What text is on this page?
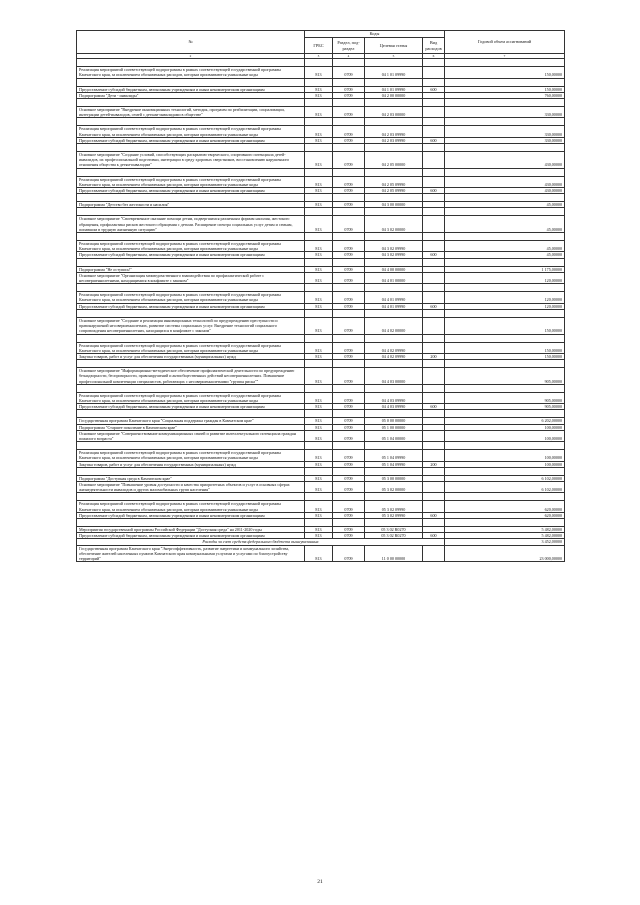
№	Коды				Годовой объем ассигнований
	ГРБС	Раздел, под-раздел	Целевая статья	Вид расходов	
2	3	4	5	6	7

Реализация мероприятий соответствующей подпрограммы в рамках соответствующей государственной программы Камчатского края, за исключением обозначенных расходов, которым присваиваются уникальные коды	813	0709	04 1 01 09990		150,00000

Предоставление субсидий бюджетным, автономным учреждениям и иным некоммерческим организациям	813	0709	04 1 01 09990	600	150,00000
Подпрограмма "Дети - инвалиды"	813	0709	04 2 00 00000		760,00000

Основное мероприятие "Внедрение инновационных технологий, методик, программ по реабилитации, социализации, интеграции детей-инвалидов, семей с детьми-инвалидами в обществе"	813	0709	04 2 03 00000		330,00000

Реализация мероприятий соответствующей подпрограммы в рамках соответствующей государственной программы Камчатского края, за исключением обозначенных расходов, которым присваиваются уникальные коды	813	0709	04 2 03 09990		330,00000
Предоставление субсидий бюджетным, автономным учреждениям и иным некоммерческим организациям	813	0709	04 2 03 09990	600	330,00000

Основное мероприятие "Создание условий, способствующих раскрытию творческого, спортивного потенциала детей-инвалидов, их профессиональной подготовки, интеграции в среду здоровых сверстников, восстановлению нарушенного отношения общества к детям-инвалидам"	813	0709	04 2 05 00000		430,00000

Реализация мероприятий соответствующей подпрограммы в рамках соответствующей государственной программы Камчатского края, за исключением обозначенных расходов, которым присваиваются уникальные коды	813	0709	04 2 05 09990		430,00000
Предоставление субсидий бюджетным, автономным учреждениям и иным некоммерческим организациям	813	0709	04 2 05 09990	600	430,00000

Подпрограмма "Детство без жестокости и насилия"	813	0709	04 3 00 00000		45,00000

Основное мероприятие "Своевременное оказание помощи детям, подвергшимся различным формам насилия, жестокого обращения, профилактика рисков жестокого обращения с детьми. Расширение спектра социальных услуг детям и семьям, попавшим в трудную жизненную ситуацию"	813	0709	04 3 02 00000		45,00000

Реализация мероприятий соответствующей подпрограммы в рамках соответствующей государственной программы Камчатского края, за исключением обозначенных расходов, которым присваиваются уникальные коды	813	0709	04 3 02 09990		45,00000
Предоставление субсидий бюджетным, автономным учреждениям и иным некоммерческим организациям	813	0709	04 3 02 09990	600	45,00000

Подпрограмма "Не оступись!"	813	0709	04 4 00 00000		1 175,00000
Основное мероприятие "Организация межведомственного взаимодействия по профилактической работе с несовершеннолетними, находящимися в конфликте с законом"	813	0709	04 4 01 00000		120,00000

Реализация мероприятий соответствующей подпрограммы в рамках соответствующей государственной программы Камчатского края, за исключением обозначенных расходов, которым присваиваются уникальные коды	813	0709	04 4 01 09990		120,00000
Предоставление субсидий бюджетным, автономным учреждениям и иным некоммерческим организациям	813	0709	04 4 01 09990	600	120,00000

Основное мероприятие "Создание и реализация инновационных технологий по предупреждению преступности и правонарушений несовершеннолетних, развитие системы социальных услуг. Внедрение технологий социального сопровождения несовершеннолетних, находящихся в конфликте с законом"	813	0709	04 4 02 00000		150,00000

Реализация мероприятий соответствующей подпрограммы в рамках соответствующей государственной программы Камчатского края, за исключением обозначенных расходов, которым присваиваются уникальные коды	813	0709	04 4 02 09990		150,00000
Закупка товаров, работ и услуг для обеспечения государственных (муниципальных) нужд	813	0709	04 4 02 09990	200	150,00000

Основное мероприятие "Информационно-методическое обеспечение профилактической деятельности по предупреждению безнадзорности, беспризорности, правонарушений и антиобщественных действий несовершеннолетних. Повышение профессиональной компетенции специалистов, работающих с несовершеннолетними "группы риска""	813	0709	04 4 03 00000		905,00000

Реализация мероприятий соответствующей подпрограммы в рамках соответствующей государственной программы Камчатского края, за исключением обозначенных расходов, которым присваиваются уникальные коды	813	0709	04 4 03 09990		905,00000
Предоставление субсидий бюджетным, автономным учреждениям и иным некоммерческим организациям	813	0709	04 4 03 09990	600	905,00000

Государственная программа Камчатского края "Социальная поддержка граждан в Камчатском крае"	813	0709	05 0 00 00000		6 202,00000
Подпрограмма "Старшее поколение в Камчатском крае"	813	0709	05 1 00 00000		100,00000
Основное мероприятие "Совершенствование коммуникационных связей и развитие интеллектуального потенциала граждан пожилого возраста"	813	0709	05 1 04 00000		100,00000

Реализация мероприятий соответствующей подпрограммы в рамках соответствующей государственной программы Камчатского края, за исключением обозначенных расходов, которым присваиваются уникальные коды	813	0709	05 1 04 09990		100,00000
Закупка товаров, работ и услуг для обеспечения государственных (муниципальных) нужд	813	0709	05 1 04 09990	200	100,00000

Подпрограмма "Доступная среда в Камчатском крае"	813	0709	05 3 00 00000		6 102,00000
Основное мероприятие "Повышение уровня доступности и качества приоритетных объектов и услуг в основных сферах жизнедеятельности инвалидов и других маломобильных групп населения"	813	0709	05 3 02 00000		6 102,00000

Реализация мероприятий соответствующей подпрограммы в рамках соответствующей государственной программы Камчатского края, за исключением обозначенных расходов, которым присваиваются уникальные коды	813	0709	05 3 02 09990		620,00000
Предоставление субсидий бюджетным, автономным учреждениям и иным некоммерческим организациям	813	0709	05 3 02 09990	600	620,00000

Мероприятия государственной программы Российской Федерации "Доступная среда" на 2011-2020 годы	813	0709	05 3 02 R0270		5 482,00000
Предоставление субсидий бюджетным, автономным учреждениям и иным некоммерческим организациям	813	0709	05 3 02 R0270	600	5 482,00000
Расходы за счет средств федерального бюджета вышеуказанных					3 452,00000
Государственная программа Камчатского края "Энергоэффективность, развитие энергетики и коммунального хозяйства, обеспечение жителей населенных пунктов Камчатского края коммунальными услугами и услугами по благоустройству территорий"	813	0709	11 0 00 00000		23 000,00000
21
